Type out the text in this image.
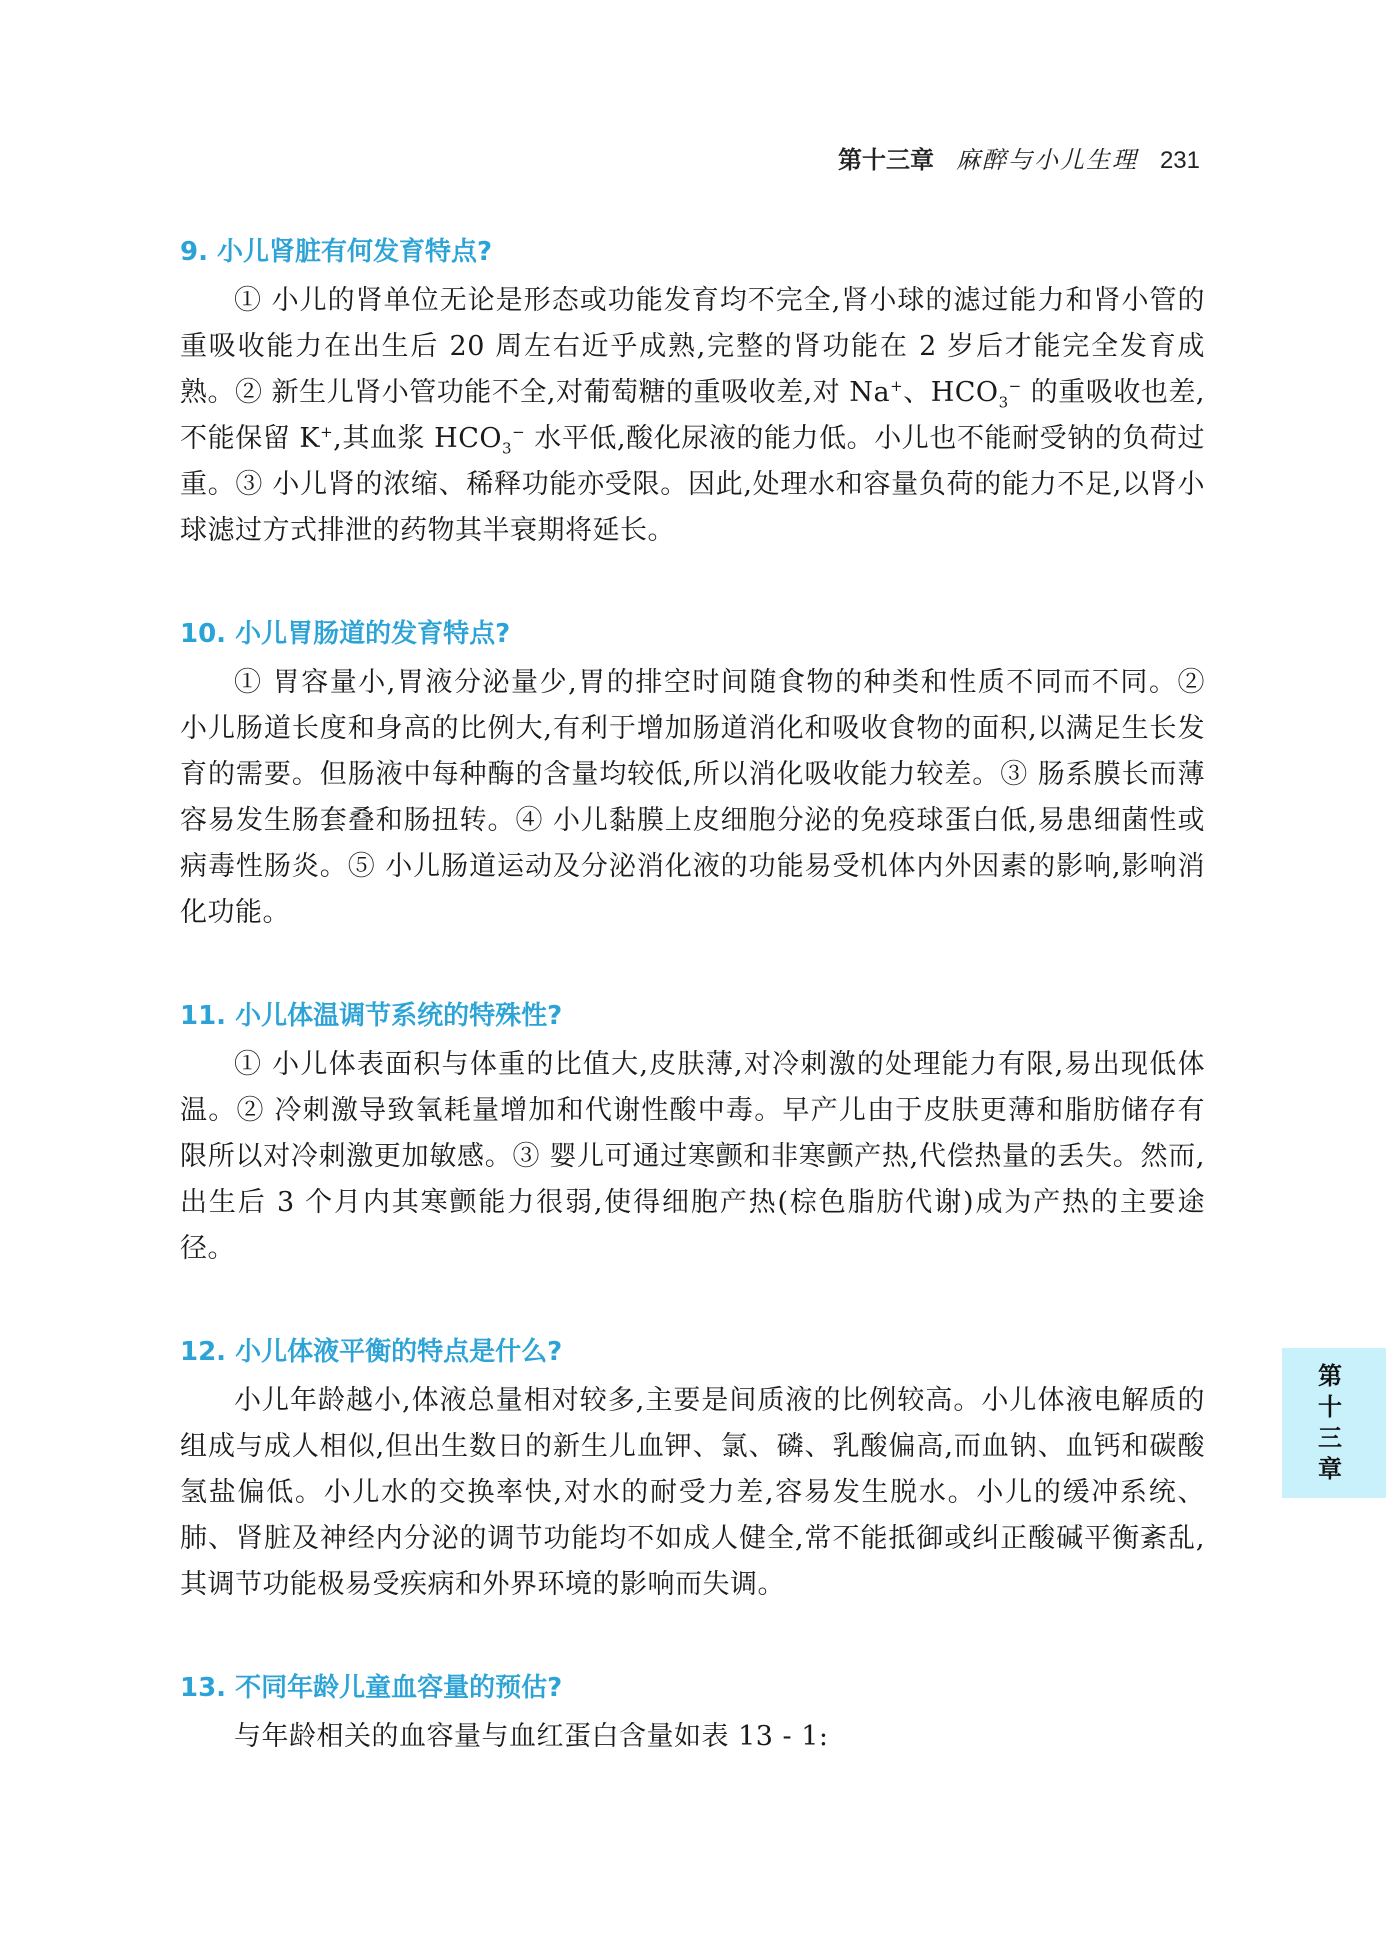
第十三章 麻醉与小儿生理 231
9. 小儿肾脏有何发育特点?

① 小儿的肾单位无论是形态或功能发育均不完全,肾小球的滤过能力和肾小管的重吸收能力在出生后 20 周左右近乎成熟,完整的肾功能在 2 岁后才能完全发育成熟。② 新生儿肾小管功能不全,对葡萄糖的重吸收差,对 Na+、$HCO_3^-$ 的重吸收也差,不能保留 K+,其血浆 $HCO_3^-$ 水平低,酸化尿液的能力低。小儿也不能耐受钠的负荷过重。③ 小儿肾的浓缩、稀释功能亦受限。因此,处理水和容量负荷的能力不足,以肾小球滤过方式排泄的药物其半衰期将延长。

10. 小儿胃肠道的发育特点?

① 胃容量小,胃液分泌量少,胃的排空时间随食物的种类和性质不同而不同。② 小儿肠道长度和身高的比例大,有利于增加肠道消化和吸收食物的面积,以满足生长发育的需要。但肠液中每种酶的含量均较低,所以消化吸收能力较差。③ 肠系膜长而薄容易发生肠套叠和肠扭转。④ 小儿黏膜上皮细胞分泌的免疫球蛋白低,易患细菌性或病毒性肠炎。⑤ 小儿肠道运动及分泌消化液的功能易受机体内外因素的影响,影响消化功能。

11. 小儿体温调节系统的特殊性?

① 小儿体表面积与体重的比值大,皮肤薄,对冷刺激的处理能力有限,易出现低体温。② 冷刺激导致氧耗量增加和代谢性酸中毒。早产儿由于皮肤更薄和脂肪储存有限所以对冷刺激更加敏感。③ 婴儿可通过寒颤和非寒颤产热,代偿热量的丢失。然而,出生后 3 个月内其寒颤能力很弱,使得细胞产热(棕色脂肪代谢)成为产热的主要途径。

12. 小儿体液平衡的特点是什么?

小儿年龄越小,体液总量相对较多,主要是间质液的比例较高。小儿体液电解质的组成与成人相似,但出生数日的新生儿血钾、氯、磷、乳酸偏高,而血钠、血钙和碳酸氢盐偏低。小儿水的交换率快,对水的耐受力差,容易发生脱水。小儿的缓冲系统、肺、肾脏及神经内分泌的调节功能均不如成人健全,常不能抵御或纠正酸碱平衡紊乱,其调节功能极易受疾病和外界环境的影响而失调。

13. 不同年龄儿童血容量的预估?

与年龄相关的血容量与血红蛋白含量如表 13 - 1:

第
十
三
章
